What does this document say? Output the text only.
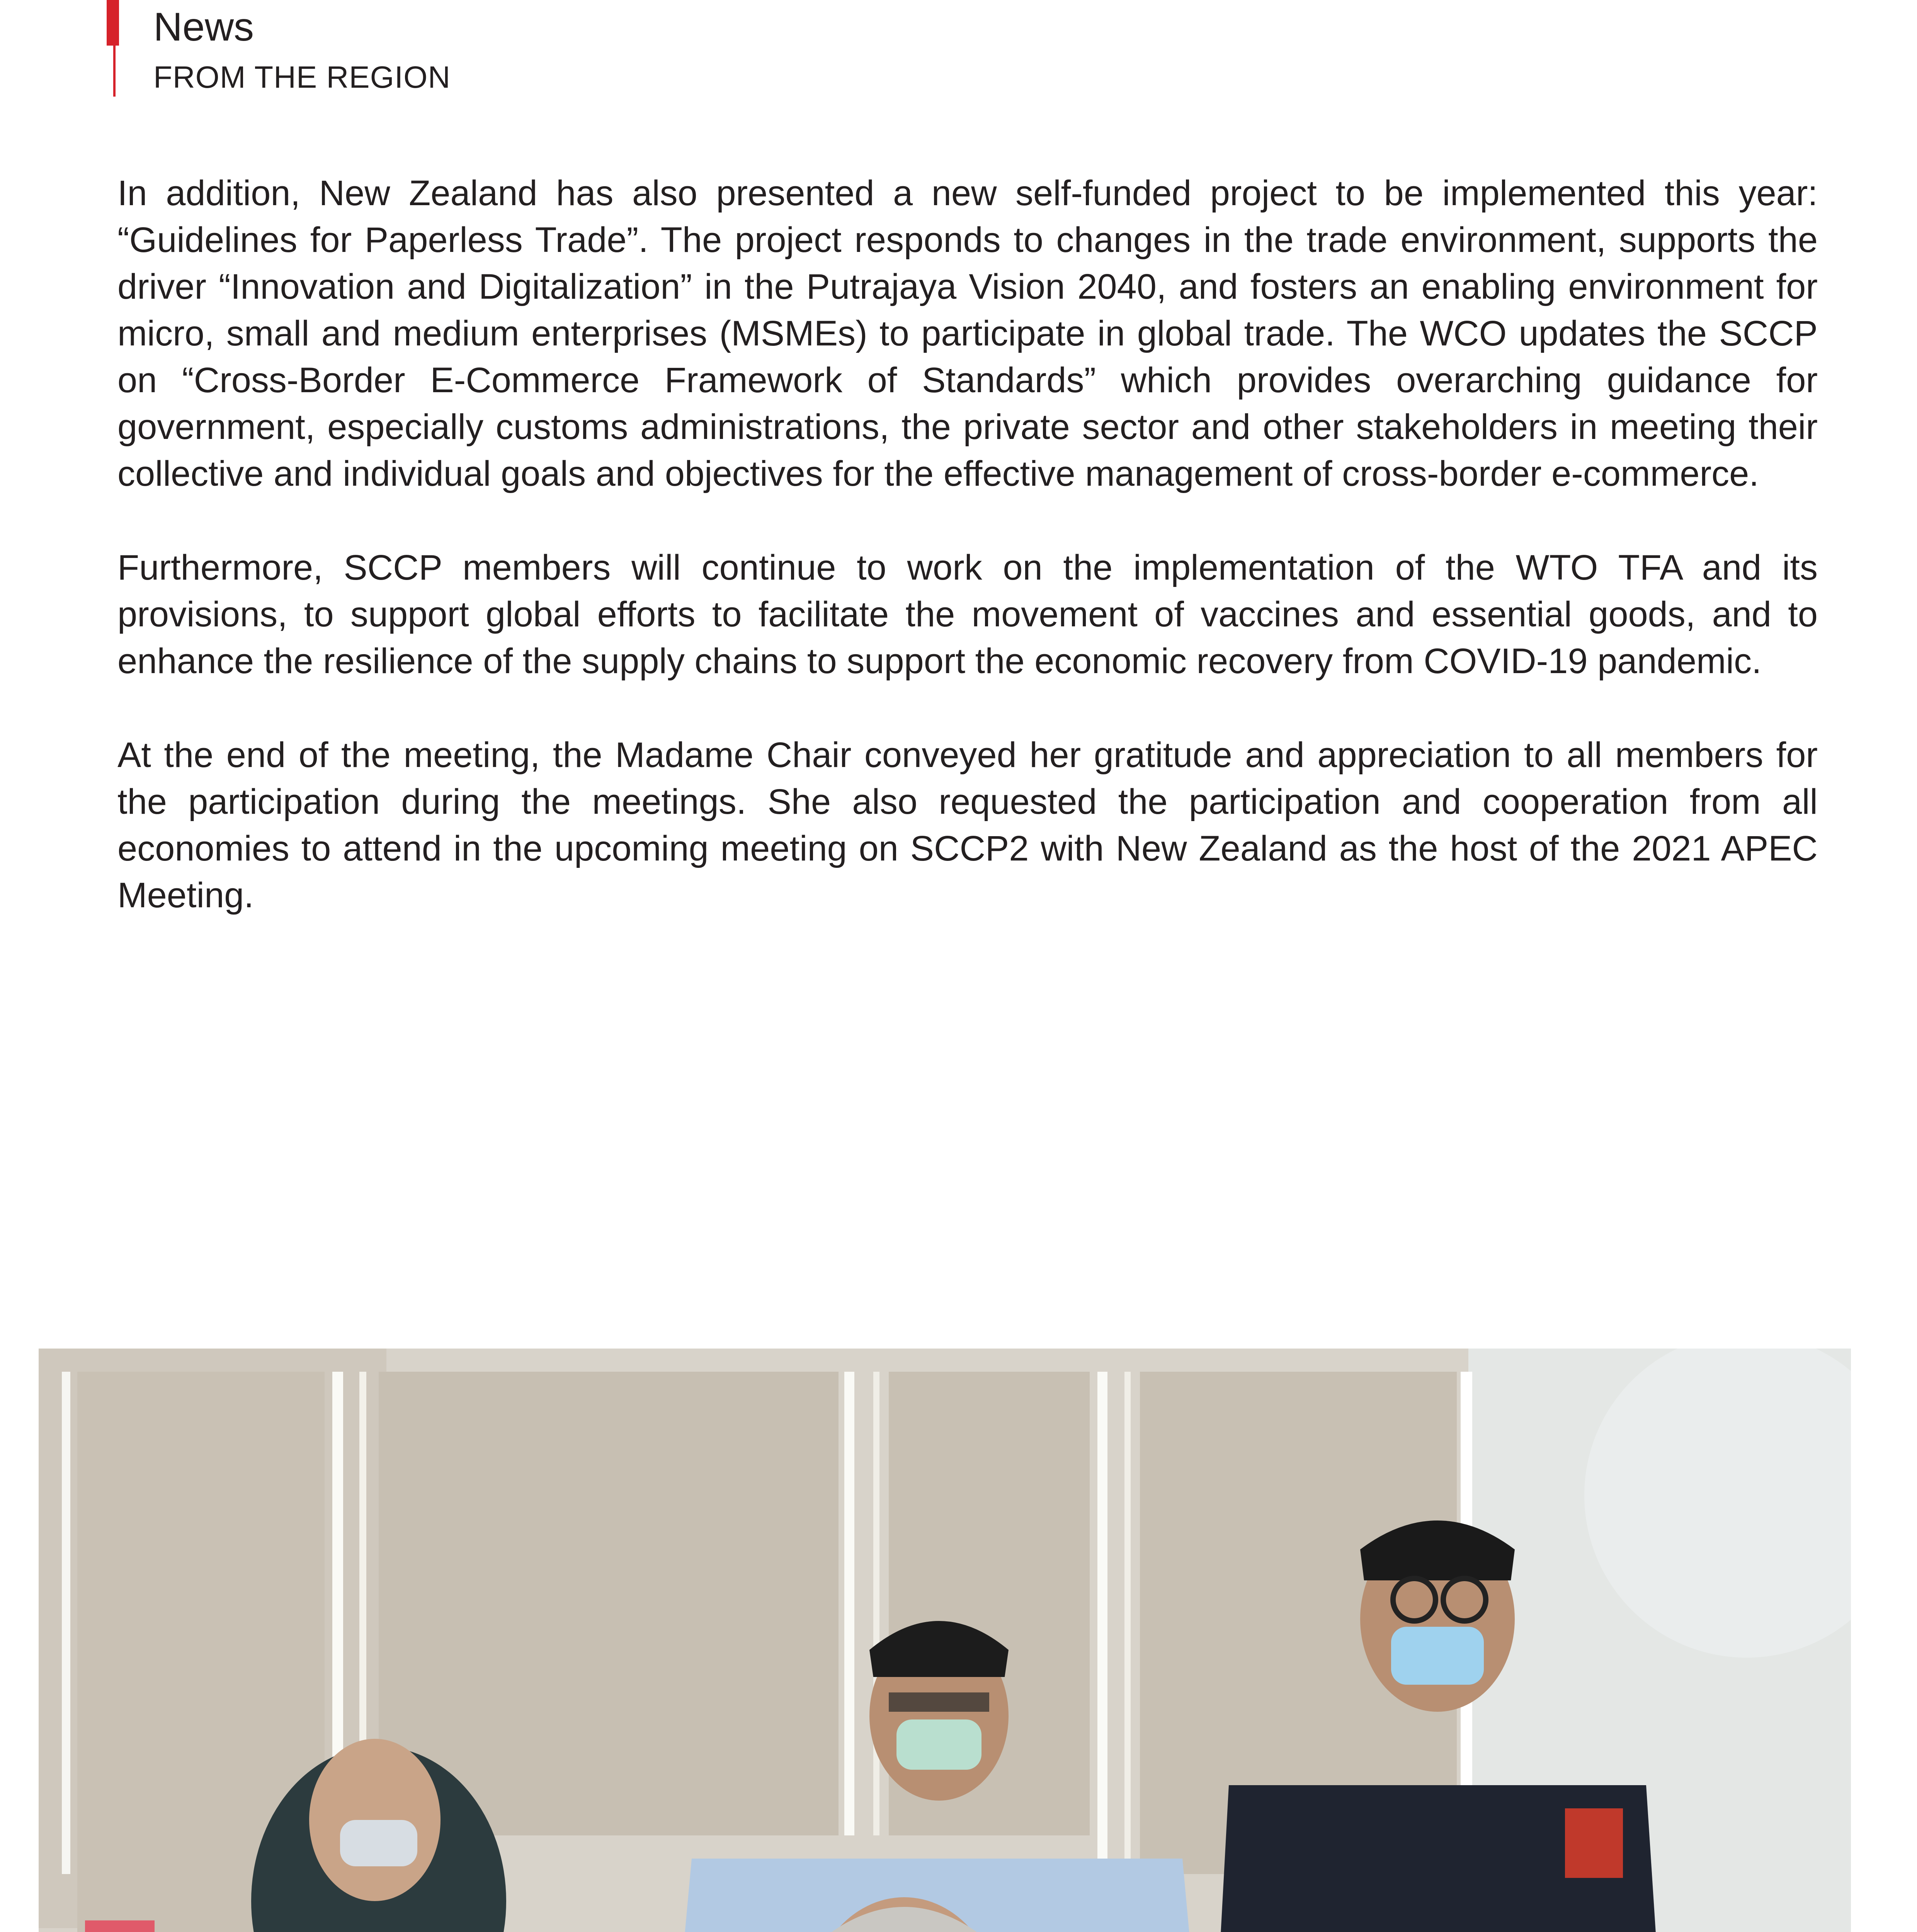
News
FROM THE REGION

In addition, New Zealand has also presented a new self-funded project to be implemented this year: “Guidelines for Paperless Trade”. The project responds to changes in the trade environment, supports the driver “Innovation and Digitalization” in the Putrajaya Vision 2040, and fosters an enabling environment for micro, small and medium enterprises (MSMEs) to participate in global trade. The WCO updates the SCCP on “Cross-Border E-Commerce Framework of Standards” which provides overarching guidance for government, especially customs administrations, the private sector and other stakeholders in meeting their collective and individual goals and objectives for the effective management of cross-border e-commerce.

Furthermore, SCCP members will continue to work on the implementation of the WTO TFA and its provisions, to support global efforts to facilitate the movement of vaccines and essential goods, and to enhance the resilience of the supply chains to support the economic recovery from COVID-19 pandemic.

At the end of the meeting, the Madame Chair conveyed her gratitude and appreciation to all members for the participation during the meetings. She also requested the participation and cooperation from all economies to attend in the upcoming meeting on SCCP2 with New Zealand as the host of the 2021 APEC Meeting.
